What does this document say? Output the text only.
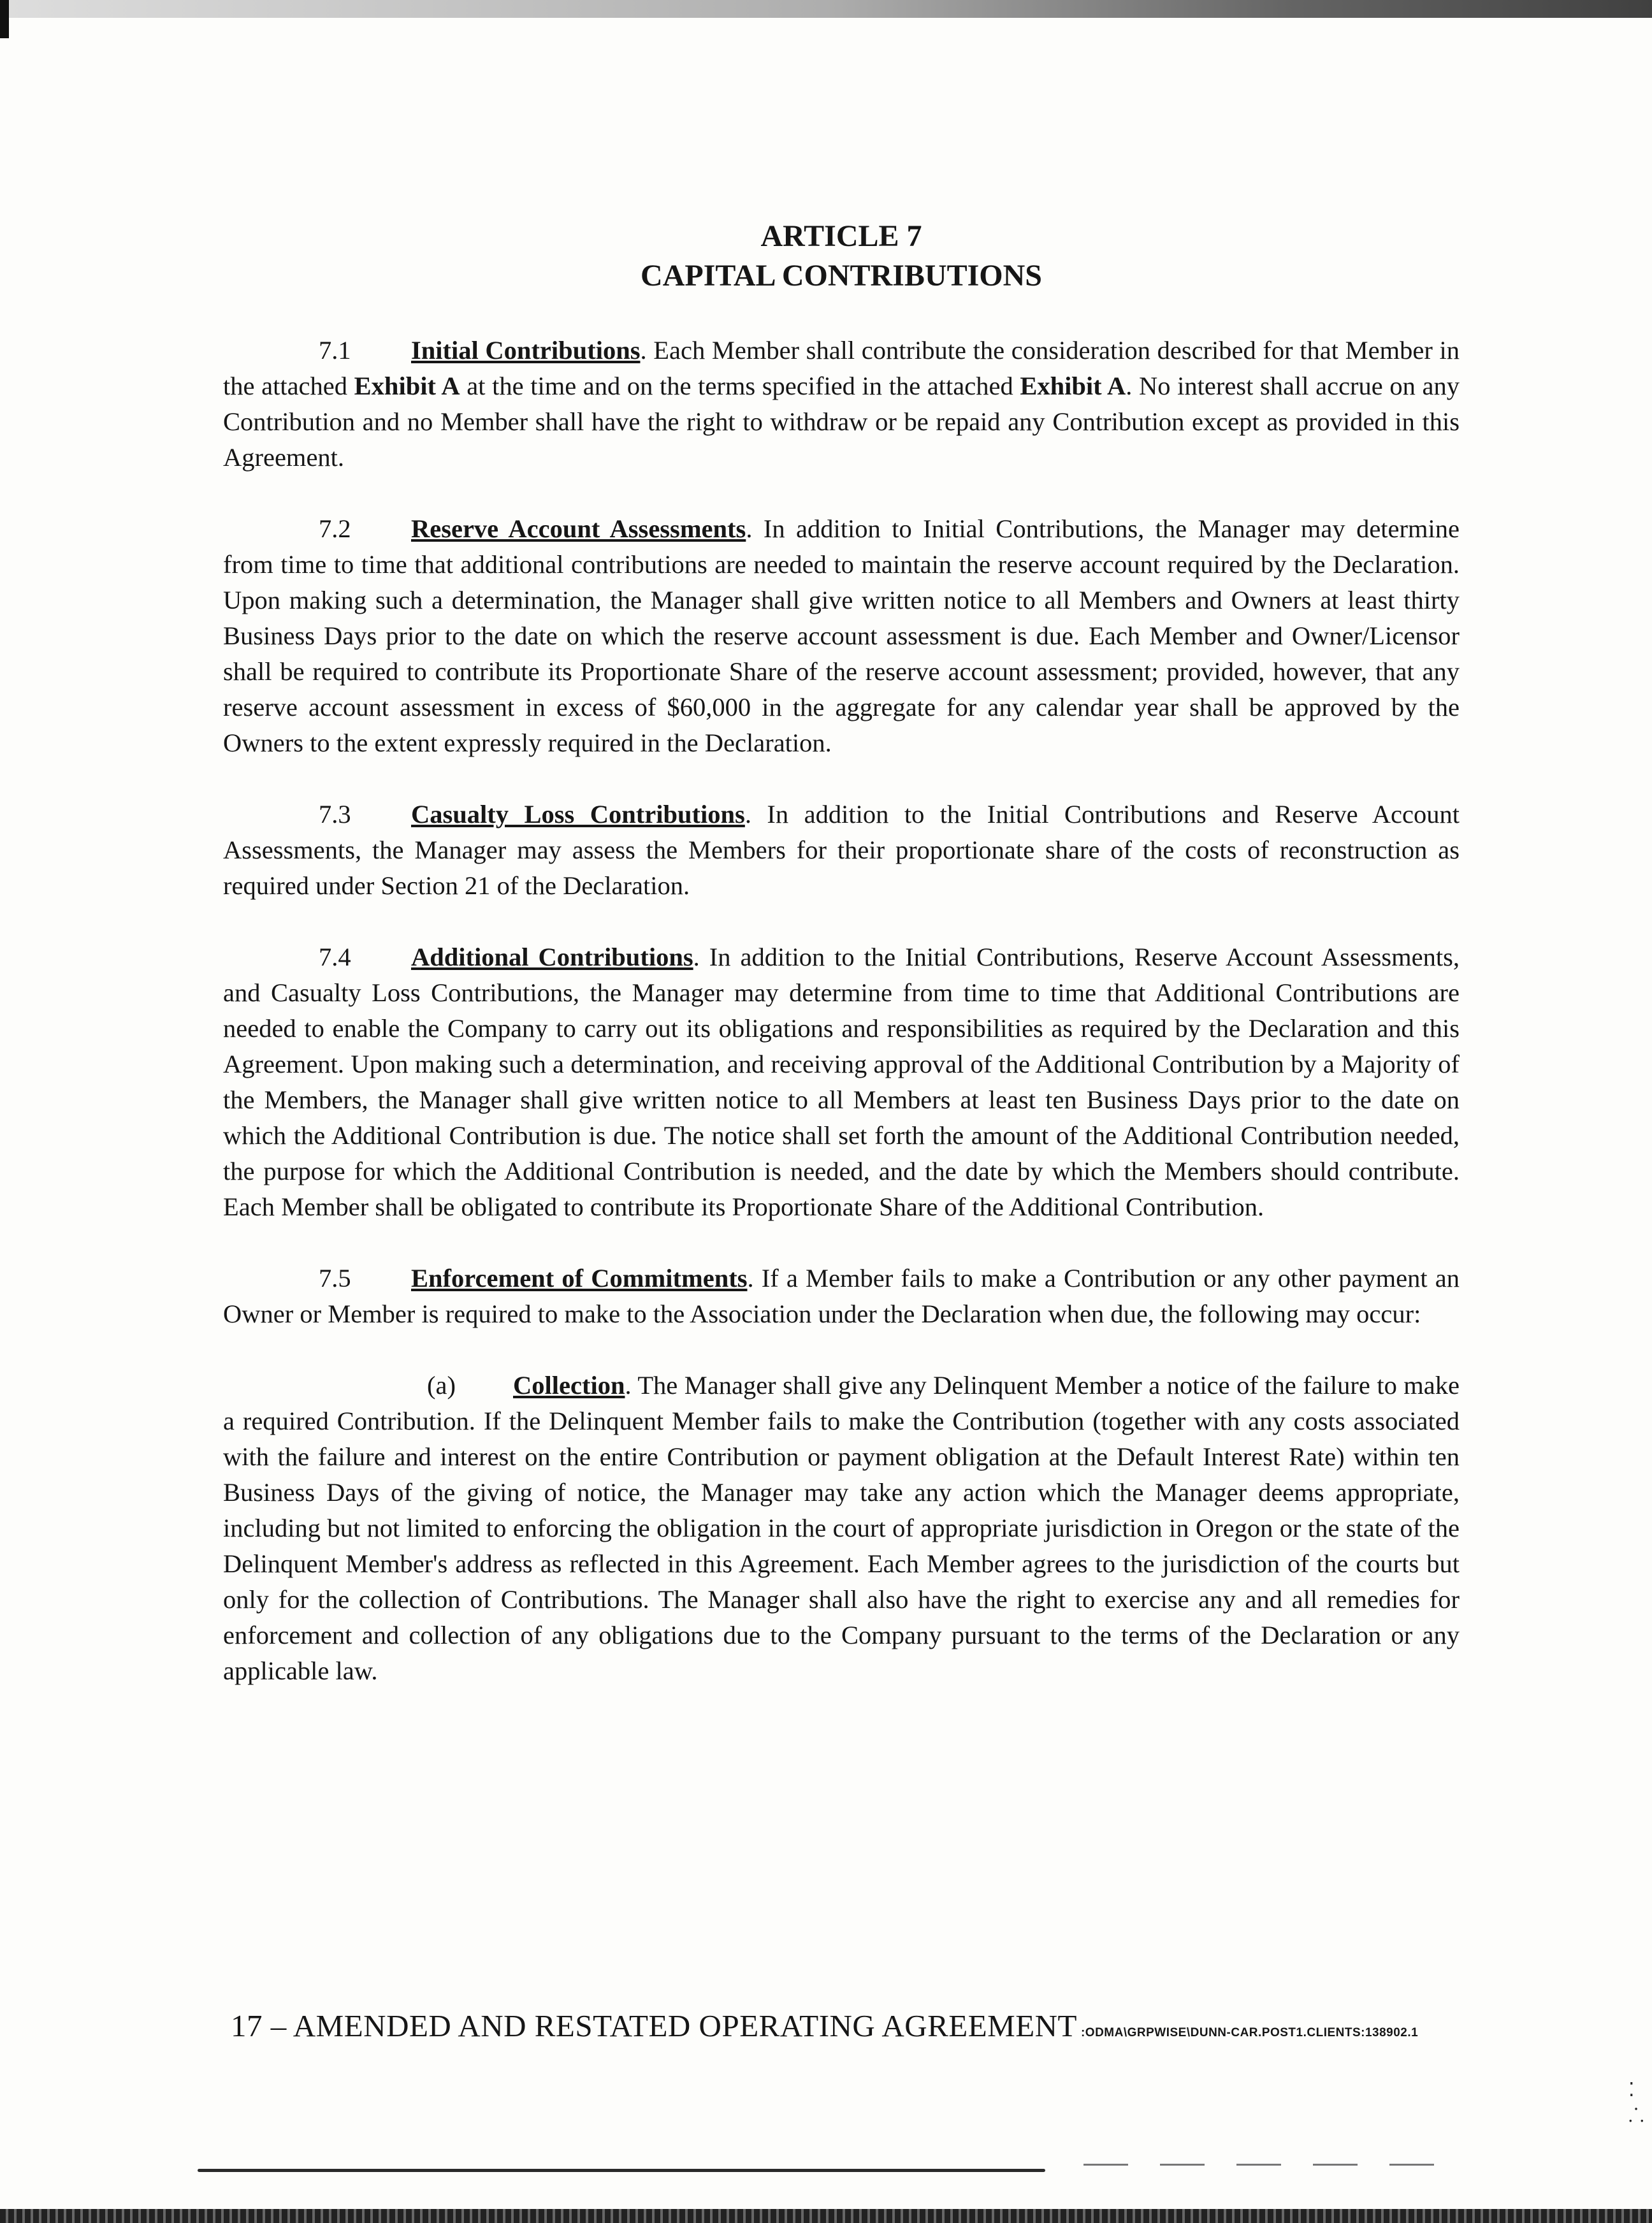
ARTICLE 7

CAPITAL CONTRIBUTIONS

7.1 Initial Contributions. Each Member shall contribute the consideration described for that Member in the attached Exhibit A at the time and on the terms specified in the attached Exhibit A. No interest shall accrue on any Contribution and no Member shall have the right to withdraw or be repaid any Contribution except as provided in this Agreement.

7.2 Reserve Account Assessments. In addition to Initial Contributions, the Manager may determine from time to time that additional contributions are needed to maintain the reserve account required by the Declaration. Upon making such a determination, the Manager shall give written notice to all Members and Owners at least thirty Business Days prior to the date on which the reserve account assessment is due. Each Member and Owner/Licensor shall be required to contribute its Proportionate Share of the reserve account assessment; provided, however, that any reserve account assessment in excess of $60,000 in the aggregate for any calendar year shall be approved by the Owners to the extent expressly required in the Declaration.

7.3 Casualty Loss Contributions. In addition to the Initial Contributions and Reserve Account Assessments, the Manager may assess the Members for their proportionate share of the costs of reconstruction as required under Section 21 of the Declaration.

7.4 Additional Contributions. In addition to the Initial Contributions, Reserve Account Assessments, and Casualty Loss Contributions, the Manager may determine from time to time that Additional Contributions are needed to enable the Company to carry out its obligations and responsibilities as required by the Declaration and this Agreement. Upon making such a determination, and receiving approval of the Additional Contribution by a Majority of the Members, the Manager shall give written notice to all Members at least ten Business Days prior to the date on which the Additional Contribution is due. The notice shall set forth the amount of the Additional Contribution needed, the purpose for which the Additional Contribution is needed, and the date by which the Members should contribute. Each Member shall be obligated to contribute its Proportionate Share of the Additional Contribution.

7.5 Enforcement of Commitments. If a Member fails to make a Contribution or any other payment an Owner or Member is required to make to the Association under the Declaration when due, the following may occur:

(a) Collection. The Manager shall give any Delinquent Member a notice of the failure to make a required Contribution. If the Delinquent Member fails to make the Contribution (together with any costs associated with the failure and interest on the entire Contribution or payment obligation at the Default Interest Rate) within ten Business Days of the giving of notice, the Manager may take any action which the Manager deems appropriate, including but not limited to enforcing the obligation in the court of appropriate jurisdiction in Oregon or the state of the Delinquent Member's address as reflected in this Agreement. Each Member agrees to the jurisdiction of the courts but only for the collection of Contributions. The Manager shall also have the right to exercise any and all remedies for enforcement and collection of any obligations due to the Company pursuant to the terms of the Declaration or any applicable law.

17 – AMENDED AND RESTATED OPERATING AGREEMENT :ODMA\GRPWISE\DUNN-CAR.POST1.CLIENTS:138902.1
⁚
⸫
